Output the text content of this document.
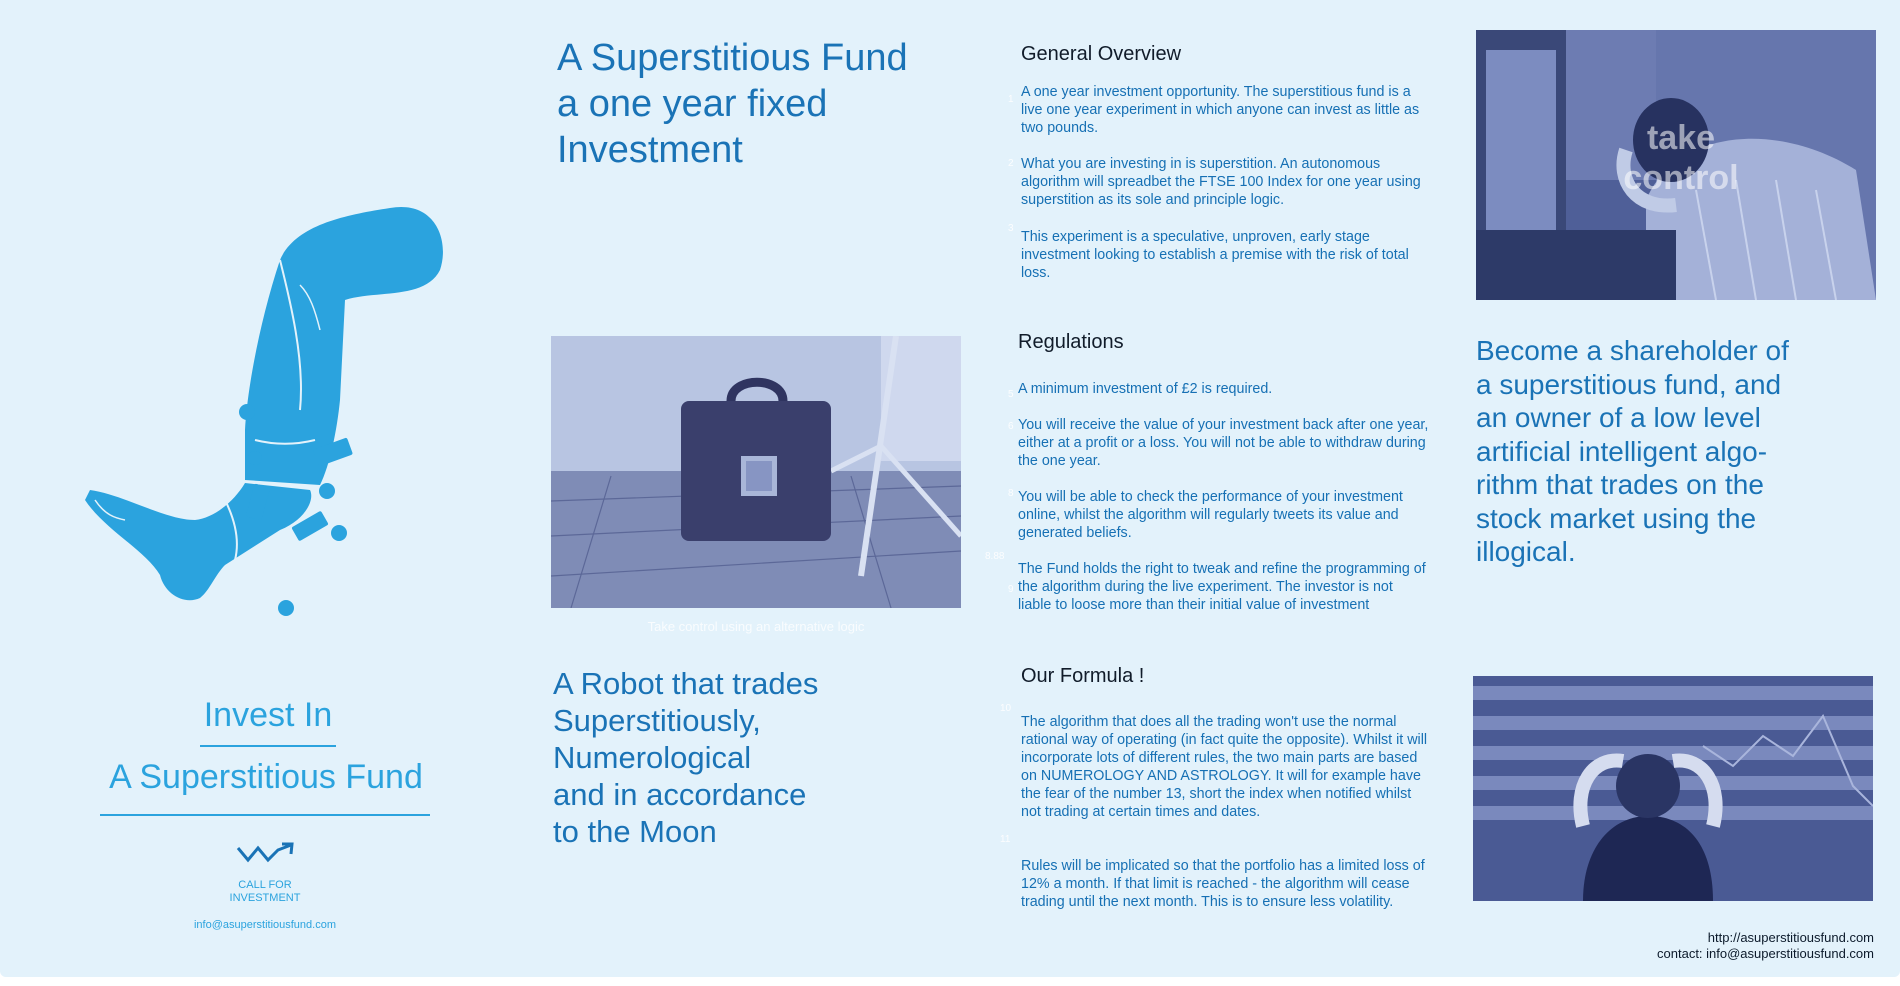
Invest In
A Superstitious Fund
CALL FOR
INVESTMENT
info@asuperstitiousfund.com
A Superstitious Fund
a one year fixed
Investment
Take control using an alternative logic
A Robot that trades
Superstitiously,
Numerological
and in accordance
to the Moon
General Overview
1 A one year investment opportunity. The superstitious fund is a live one year experiment in which anyone can invest as little as two pounds.
2 What you are investing in is superstition. An autonomous algorithm will spreadbet the FTSE 100 Index for one year using superstition as its sole and principle logic.
3
This experiment is a speculative, unproven, early stage investment looking to establish a premise with the risk of total loss.
Regulations
5 A minimum investment of £2 is required.
6 You will receive the value of your investment back after one year, either at a profit or a loss. You will not be able to withdraw during the one year.
8 You will be able to check the performance of your investment online, whilst the algorithm will regularly tweets its value and generated beliefs.
8.88
9
The Fund holds the right to tweak and refine the programming of the algorithm during the live experiment. The investor is not liable to loose more than their initial value of investment
Our Formula !
10
The algorithm that does all the trading won't use the normal rational way of operating (in fact quite the opposite). Whilst it will incorporate lots of different rules, the two main parts are based on NUMEROLOGY AND ASTROLOGY. It will for example have the fear of the number 13, short the index when notified whilst not trading at certain times and dates.
11
Rules will be implicated so that the portfolio has a limited loss of 12% a month. If that limit is reached - the algorithm will cease trading until the next month. This is to ensure less volatility.
take
control
Become a shareholder of
a superstitious fund, and
an owner of a low level
artificial intelligent algo-
rithm that trades on the
stock market using the
illogical.
http://asuperstitiousfund.com
contact: info@asuperstitiousfund.com
